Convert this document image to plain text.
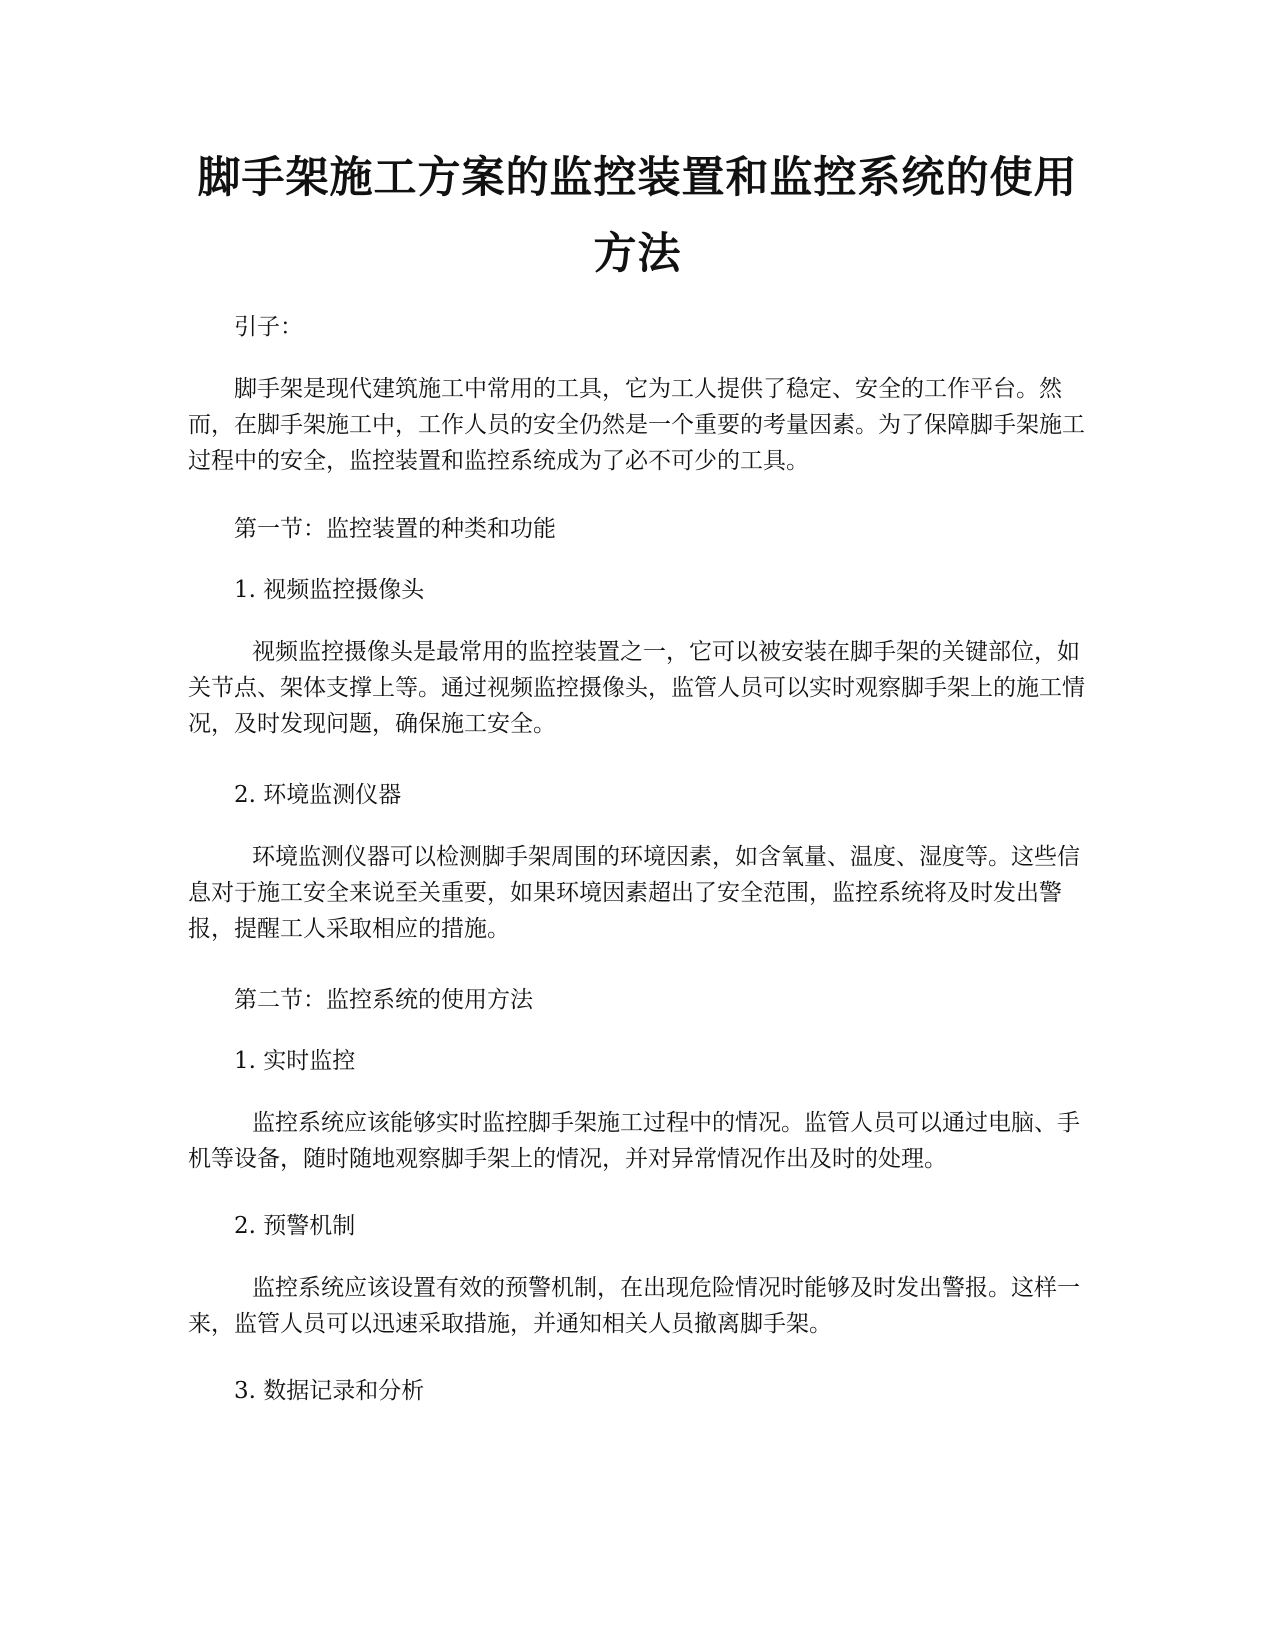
脚手架施工方案的监控装置和监控系统的使用方法

引子：

脚手架是现代建筑施工中常用的工具，它为工人提供了稳定、安全的工作平台。然而，在脚手架施工中，工作人员的安全仍然是一个重要的考量因素。为了保障脚手架施工过程中的安全，监控装置和监控系统成为了必不可少的工具。

第一节：监控装置的种类和功能

1. 视频监控摄像头

视频监控摄像头是最常用的监控装置之一，它可以被安装在脚手架的关键部位，如关节点、架体支撑上等。通过视频监控摄像头，监管人员可以实时观察脚手架上的施工情况，及时发现问题，确保施工安全。

2. 环境监测仪器

环境监测仪器可以检测脚手架周围的环境因素，如含氧量、温度、湿度等。这些信息对于施工安全来说至关重要，如果环境因素超出了安全范围，监控系统将及时发出警报，提醒工人采取相应的措施。

第二节：监控系统的使用方法

1. 实时监控

监控系统应该能够实时监控脚手架施工过程中的情况。监管人员可以通过电脑、手机等设备，随时随地观察脚手架上的情况，并对异常情况作出及时的处理。

2. 预警机制

监控系统应该设置有效的预警机制，在出现危险情况时能够及时发出警报。这样一来，监管人员可以迅速采取措施，并通知相关人员撤离脚手架。

3. 数据记录和分析
